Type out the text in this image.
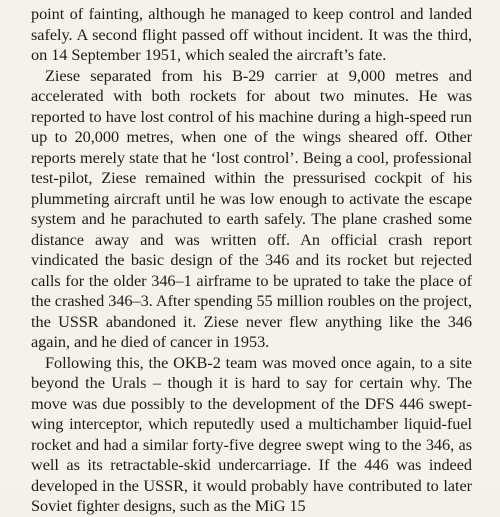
point of fainting, although he managed to keep control and landed safely. A second flight passed off without incident. It was the third, on 14 September 1951, which sealed the aircraft’s fate.

Ziese separated from his B-29 carrier at 9,000 metres and accelerated with both rockets for about two minutes. He was reported to have lost control of his machine during a high-speed run up to 20,000 metres, when one of the wings sheared off. Other reports merely state that he ‘lost control’. Being a cool, professional test-pilot, Ziese remained within the pressurised cockpit of his plummeting aircraft until he was low enough to activate the escape system and he parachuted to earth safely. The plane crashed some distance away and was written off. An official crash report vindicated the basic design of the 346 and its rocket but rejected calls for the older 346–1 airframe to be uprated to take the place of the crashed 346–3. After spending 55 million roubles on the project, the USSR abandoned it. Ziese never flew anything like the 346 again, and he died of cancer in 1953.

Following this, the OKB-2 team was moved once again, to a site beyond the Urals – though it is hard to say for certain why. The move was due possibly to the development of the DFS 446 swept-wing interceptor, which reputedly used a multichamber liquid-fuel rocket and had a similar forty-five degree swept wing to the 346, as well as its retractable-skid undercarriage. If the 446 was indeed developed in the USSR, it would probably have contributed to later Soviet fighter designs, such as the MiG 15
